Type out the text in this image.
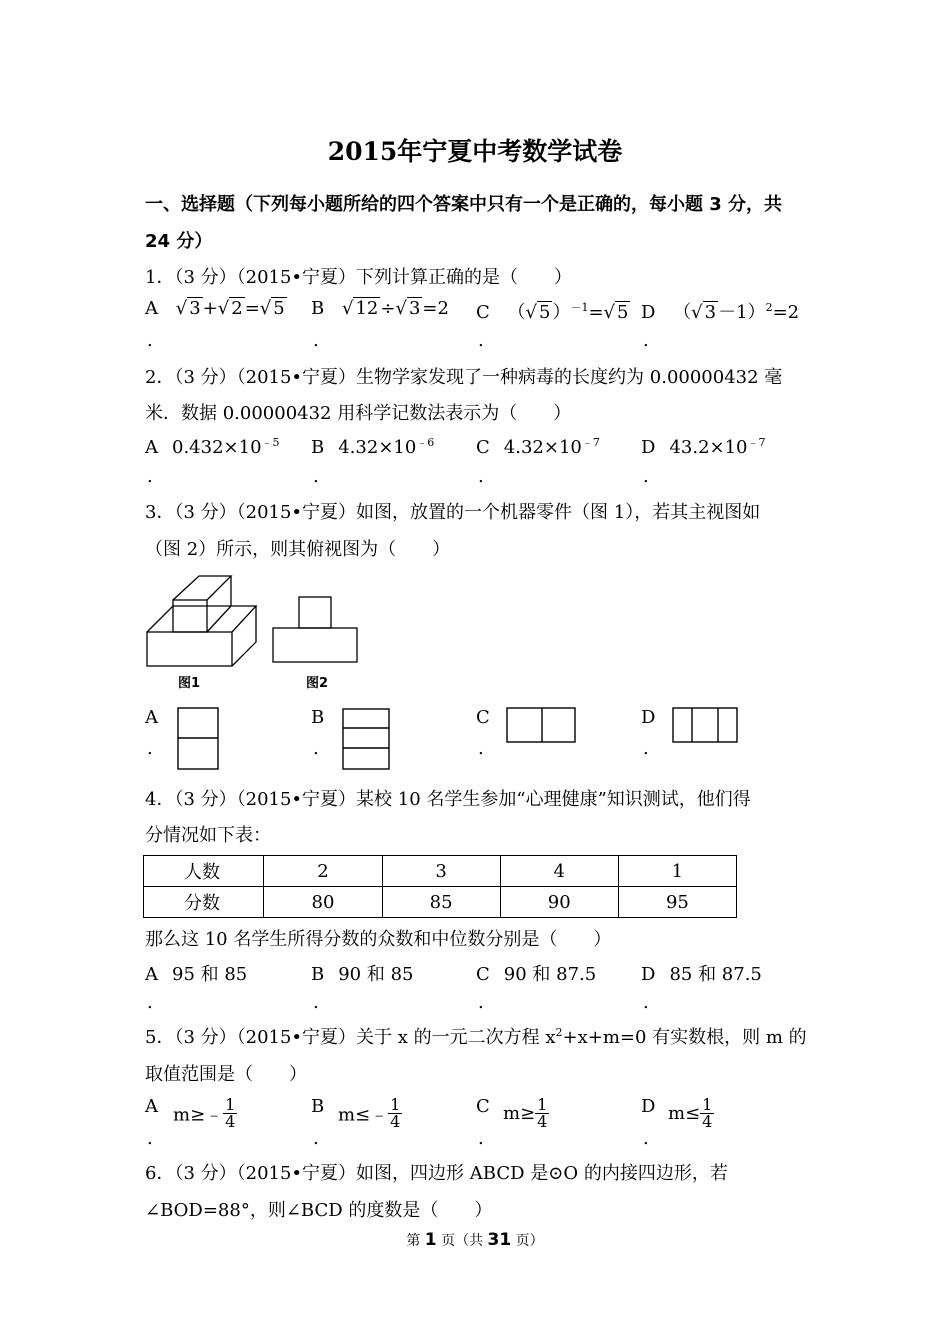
2015年宁夏中考数学试卷
一、选择题（下列每小题所给的四个答案中只有一个是正确的，每小题 3 分，共
24 分）
1．（3 分）（2015•宁夏）下列计算正确的是（　　）
A √ 3 +√ 2 =√ 5 B √ 12 ÷√ 3 =2 C （√ 5 ）$^{-1}$=√ 5 D （√ 3 －1）$^2$=2
.	.	.	.
2．（3 分）（2015•宁夏）生物学家发现了一种病毒的长度约为 0.00000432 毫
米．数据 0.00000432 用科学记数法表示为（　　）
A $0.432\times 10^{﹣5}$ B $4.32\times 10^{﹣6}$ C $4.32\times 10^{﹣7}$ D $43.2\times 10^{﹣7}$
.	.	.	.
3．（3 分）（2015•宁夏）如图，放置的一个机器零件（图 1），若其主视图如
（图 2）所示，则其俯视图为（　　）
图1	图2
A	B	C	D
.	.	.	.
4．（3 分）（2015•宁夏）某校 10 名学生参加“心理健康”知识测试，他们得
分情况如下表：
人数	2	3	4	1
分数	80	85	90	95
那么这 10 名学生所得分数的众数和中位数分别是（　　）
A 95 和 85	B 90 和 85	C 90 和 87.5 D 85 和 87.5
.	.	.	.
5．（3 分）（2015•宁夏）关于 x 的一元二次方程 $x^2+x+m=0$ 有实数根，则 m 的
取值范围是（　　）
A m≥﹣ $\frac{1}{4}$	B m≤﹣ $\frac{1}{4}$	C $m\ge \frac{1}{4}$	D $m\le \frac{1}{4}$
.	.	.	.
6．（3 分）（2015•宁夏）如图，四边形 ABCD 是⊙O 的内接四边形，若
∠BOD=88°，则∠BCD 的度数是（　　）
第 1 页（共 31 页）
